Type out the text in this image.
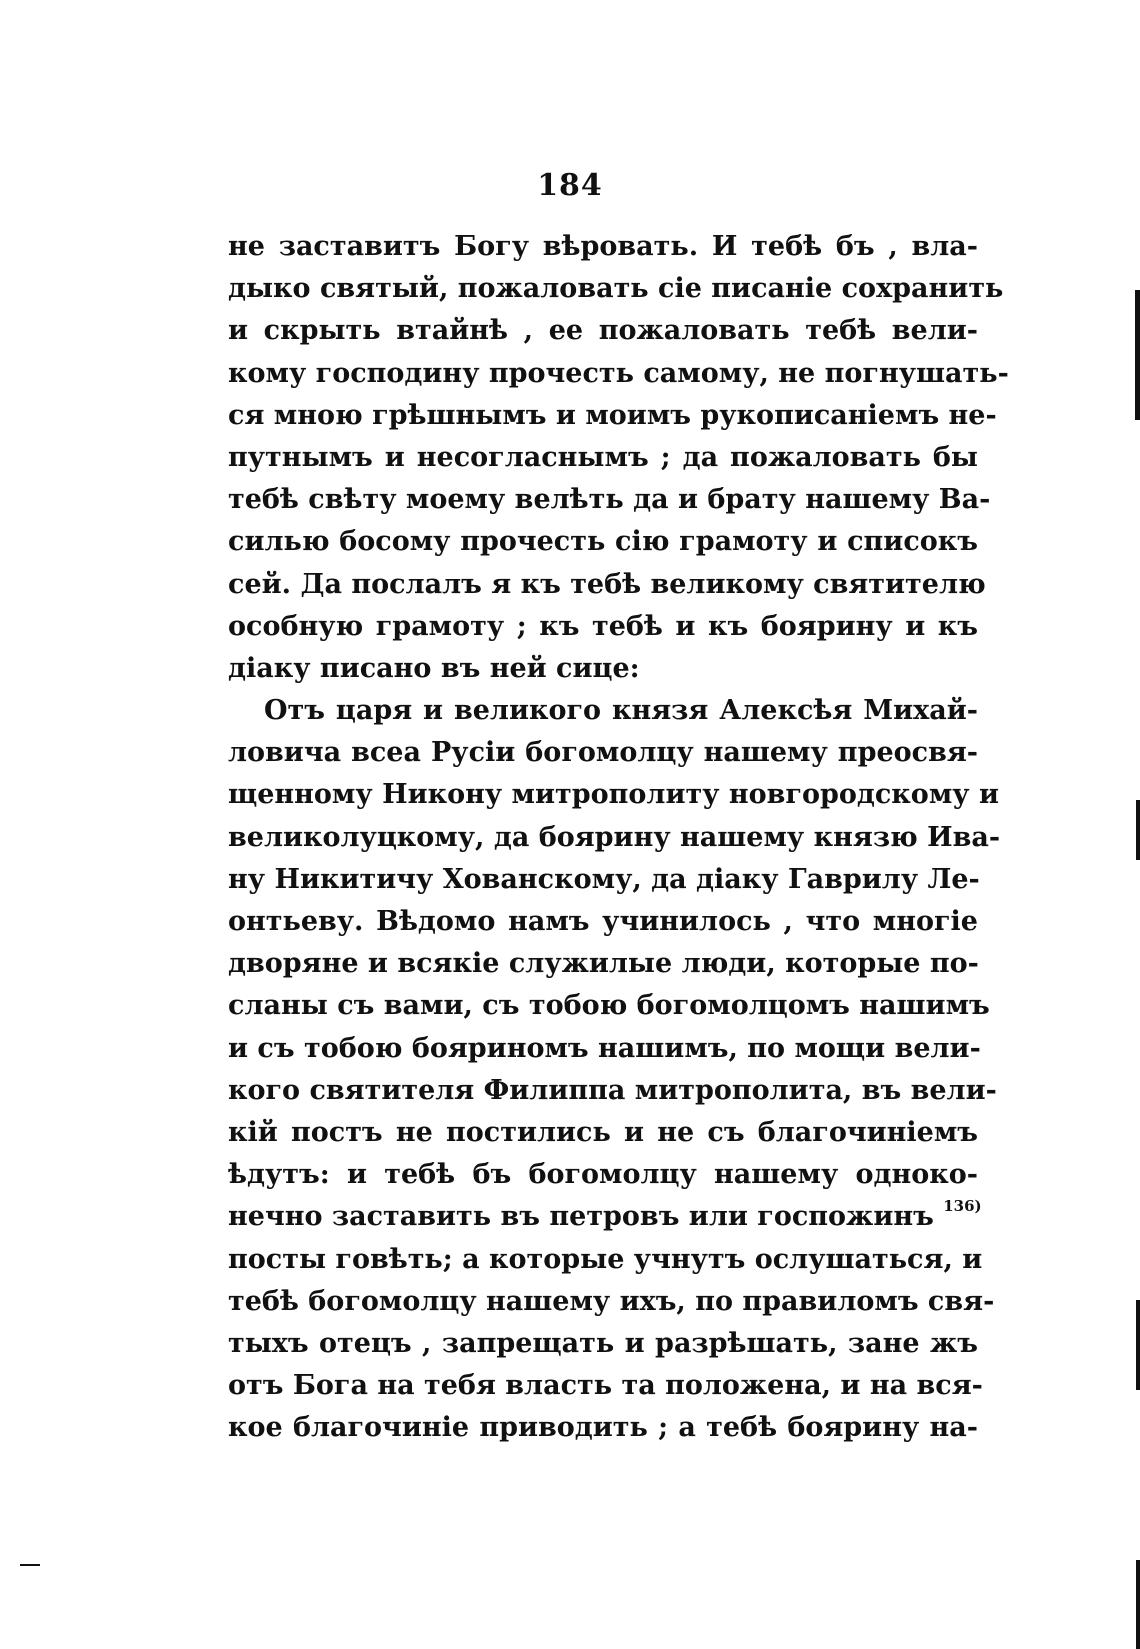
184
не заставитъ Богу вѣровать. И тебѣ бъ , вла-
дыко святый, пожаловать сіе писаніе сохранить
и скрыть втайнѣ , ее пожаловать тебѣ вели-
кому господину прочесть самому, не погнушать-
ся мною грѣшнымъ и моимъ рукописаніемъ не-
путнымъ и несогласнымъ ; да пожаловать бы
тебѣ свѣту моему велѣть да и брату нашему Ва-
силью босому прочесть сію грамоту и списокъ
сей. Да послалъ я къ тебѣ великому святителю
особную грамоту ; къ тебѣ и къ боярину и къ
діаку писано въ ней сице:
Отъ царя и великого князя Алексѣя Михай-
ловича всеа Русіи богомолцу нашему преосвя-
щенному Никону митрополиту новгородскому и
великолуцкому, да боярину нашему князю Ива-
ну Никитичу Хованскому, да діаку Гаврилу Ле-
онтьеву. Вѣдомо намъ учинилось , что многіе
дворяне и всякіе служилые люди, которые по-
сланы съ вами, съ тобою богомолцомъ нашимъ
и съ тобою бояриномъ нашимъ, по мощи вели-
кого святителя Филиппа митрополита, въ вели-
кій постъ не постились и не съ благочиніемъ
ѣдутъ: и тебѣ бъ богомолцу нашему одноко-
нечно заставить въ петровъ или госпожинъ $^{136)}$
посты говѣть; а которые учнутъ ослушаться, и
тебѣ богомолцу нашему ихъ, по правиломъ свя-
тыхъ отецъ , запрещать и разрѣшать, зане жъ
отъ Бога на тебя власть та положена, и на вся-
кое благочиніе приводить ; а тебѣ боярину на-
